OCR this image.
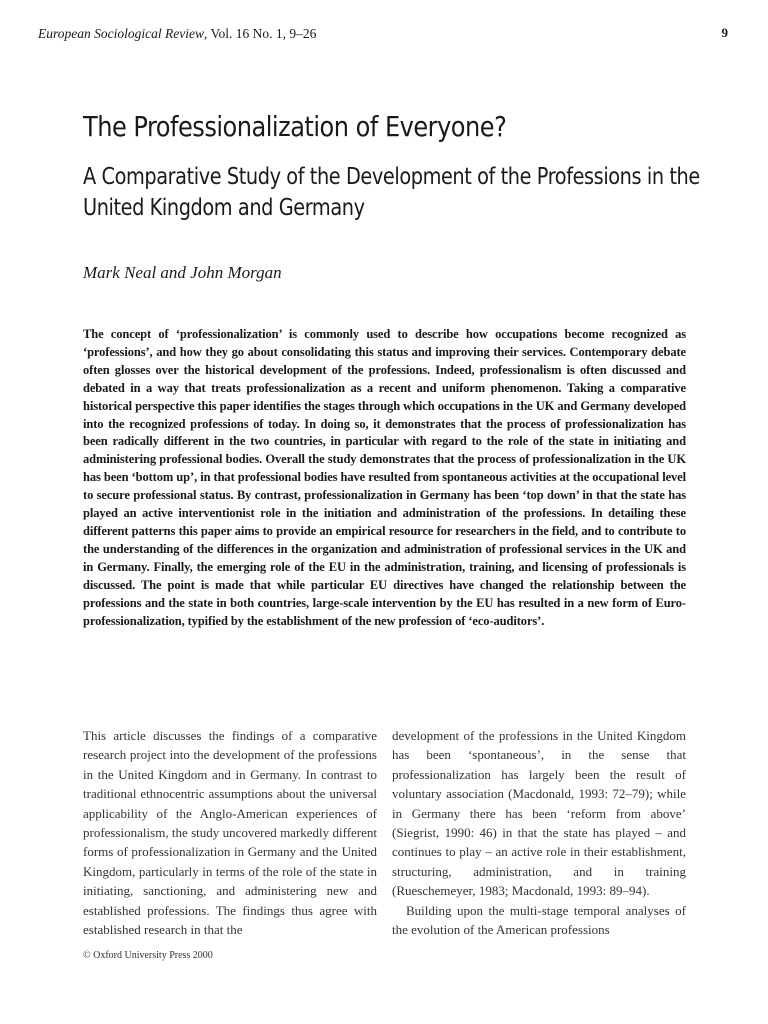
European Sociological Review, Vol. 16 No. 1, 9–26	9
The Professionalization of Everyone?
A Comparative Study of the Development of the Professions in the United Kingdom and Germany
Mark Neal and John Morgan

The concept of ‘professionalization’ is commonly used to describe how occupations become recognized as ‘professions’, and how they go about consolidating this status and improving their services. Contemporary debate often glosses over the historical development of the professions. Indeed, professionalism is often discussed and debated in a way that treats professionalization as a recent and uniform phenomenon. Taking a comparative historical perspective this paper identifies the stages through which occupations in the UK and Germany developed into the recognized professions of today. In doing so, it demonstrates that the process of professionalization has been radically different in the two countries, in particular with regard to the role of the state in initiating and administering professional bodies. Overall the study demonstrates that the process of professionalization in the UK has been ‘bottom up’, in that professional bodies have resulted from spontaneous activities at the occupational level to secure professional status. By contrast, professionalization in Germany has been ‘top down’ in that the state has played an active interventionist role in the initiation and administration of the professions. In detailing these different patterns this paper aims to provide an empirical resource for researchers in the field, and to contribute to the understanding of the differences in the organization and administration of professional services in the UK and in Germany. Finally, the emerging role of the EU in the administration, training, and licensing of professionals is discussed. The point is made that while particular EU directives have changed the relationship between the professions and the state in both countries, large-scale intervention by the EU has resulted in a new form of Euro-professionalization, typified by the establishment of the new profession of ‘eco-auditors’.

This article discusses the findings of a comparative research project into the development of the professions in the United Kingdom and in Germany. In contrast to traditional ethnocentric assumptions about the universal applicability of the Anglo-American experiences of professionalism, the study uncovered markedly different forms of professionalization in Germany and the United Kingdom, particularly in terms of the role of the state in initiating, sanctioning, and administering new and established professions. The findings thus agree with established research in that the

development of the professions in the United Kingdom has been ‘spontaneous’, in the sense that professionalization has largely been the result of voluntary association (Macdonald, 1993: 72–79); while in Germany there has been ‘reform from above’ (Siegrist, 1990: 46) in that the state has played – and continues to play – an active role in their establishment, structuring, administration, and in training (Rueschemeyer, 1983; Macdonald, 1993: 89–94).

Building upon the multi-stage temporal analyses of the evolution of the American professions

© Oxford University Press 2000
